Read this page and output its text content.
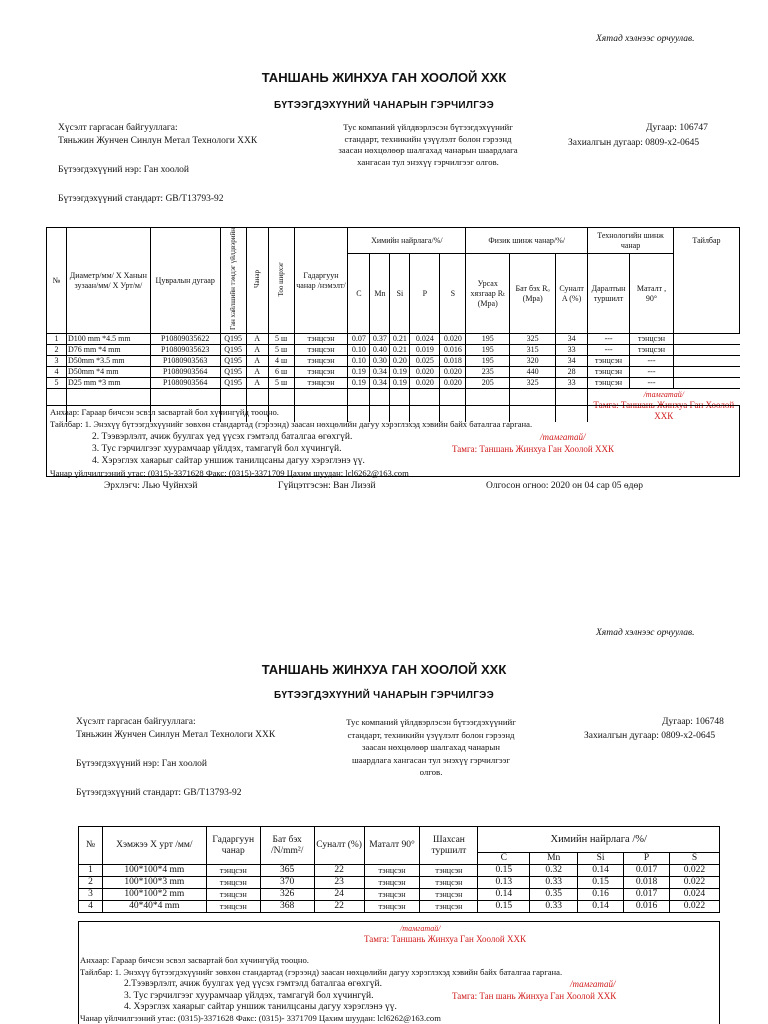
Хятад хэлнээс орчуулав.
ТАНШАНЬ ЖИНХУА ГАН ХООЛОЙ ХХК
БҮТЭЭГДЭХҮҮНИЙ ЧАНАРЫН ГЭРЧИЛГЭЭ
Хүсэлт гаргасан байгууллага:
Тяньжин Жунчен Синлун Метал Технологи ХХК
Бүтээгдэхүүний нэр: Ган хоолой
Бүтээгдэхүүний стандарт: GB/T13793-92
Тус компаний үйлдвэрлэсэн бүтээгдэхүүнийг
стандарт, техникийн үзүүлэлт болон гэрээнд
заасан нөхцөлөөр шалгахад чанарын шаардлага
хангасан тул энэхүү гэрчилгээг олгов.
Дугаар: 106747
Захиалгын дугаар: 0809-х2-0645
№	Диаметр/мм/ Х Ханын зузаан/мм/ Х Урт/м/	Цувралын дугаар	Ган хайлшийн тэмдэг үйлдвэрийн	Чанар	Тоо ширхэг	Гадаргуун чанар /нэмэлт/	Химийн найрлага/%/					Физик шинж чанар/%/			Технологийн шинж чанар		Тайлбар
							C	Mn	Si	P	S	Урсах хязгаар Rₜ (Mpa)	Бат бэх Rₒ (Mpa)	Суналт A (%)	Даралтын туршилт	Маталт , 90°	
1	D100 mm *4.5 mm	P10809035622	Q195	A	5 ш	тэнцсэн	0.07	0.37	0.21	0.024	0.020	195	325	34	---	тэнцсэн	
2	D76 mm *4 mm	P10809035623	Q195	A	5 ш	тэнцсэн	0.10	0.40	0.21	0.019	0.016	195	315	33	---	тэнцсэн	
3	D50mm *3.5 mm	P1080903563	Q195	A	4 ш	тэнцсэн	0.10	0.30	0.20	0.025	0.018	195	320	34	тэнцсэн	---	
4	D50mm *4 mm	P1080903564	Q195	A	6 ш	тэнцсэн	0.19	0.34	0.19	0.020	0.020	235	440	28	тэнцсэн	---	
5	D25 mm *3 mm	P1080903564	Q195	A	5 ш	тэнцсэн	0.19	0.34	0.19	0.020	0.020	205	325	33	тэнцсэн	---	

															/тамгатай/
Тамга: Таншань Жинхуа Ган Хоолой ХХК		
Анхаар: Гараар бичсэн эсвэл засвартай бол хүчингүйд тооцно.
Тайлбар: 1. Энэхүү бүтээгдэхүүнийг зөвхөн стандартад (гэрээнд) заасан нөхцөлийн дагуу хэрэглэхэд хэвийн байх баталгаа гаргана.
2. Тээвэрлэлт, ачиж буулгах үед үүсэх гэмтэлд баталгаа өгөхгүй.	/тамгатай/
3. Тус гэрчилгээг хуурамчаар үйлдэх, тамгагүй бол хүчингүй.	Тамга: Таншань Жинхуа Ган Хоолой ХХК
4. Хэрэглэх хаяарыг сайтар уншиж танилцсаны дагуу хэрэглэнэ үү.
Чанар үйлчилгээний утас: (0315)-3371628 Факс: (0315)-3371709 Цахим шуудан: lcl6262@163.com
Эрхлэгч: Лью Чуйнхэй	Гүйцэтгэсэн: Ван Лиэзй	Олгосон огноо: 2020 он 04 сар 05 өдөр
Хятад хэлнээс орчуулав.
ТАНШАНЬ ЖИНХУА ГАН ХООЛОЙ ХХК
БҮТЭЭГДЭХҮҮНИЙ ЧАНАРЫН ГЭРЧИЛГЭЭ
Хүсэлт гаргасан байгууллага:
Тяньжин Жунчен Синлун Метал Технологи ХХК
Бүтээгдэхүүний нэр: Ган хоолой
Бүтээгдэхүүний стандарт: GB/T13793-92
Тус компаний үйлдвэрлэсэн бүтээгдэхүүнийг
стандарт, техникийн үзүүлэлт болон гэрээнд
заасан нөхцөлөөр шалгахад чанарын
шаардлага хангасан тул энэхүү гэрчилгээг
олгов.
Дугаар: 106748
Захиалгын дугаар: 0809-х2-0645
№	Хэмжээ Х урт /мм/	Гадаргуун чанар	Бат бэх /N/mm²/	Суналт (%)	Маталт 90°	Шахсан туршилт	Химийн найрлага /%/				
							C	Mn	Si	P	S
1	100*100*4 mm	тэнцсэн	365	22	тэнцсэн	тэнцсэн	0.15	0.32	0.14	0.017	0.022
2	100*100*3 mm	тэнцсэн	370	23	тэнцсэн	тэнцсэн	0.13	0.33	0.15	0.018	0.022
3	100*100*2 mm	тэнцсэн	326	24	тэнцсэн	тэнцсэн	0.14	0.35	0.16	0.017	0.024
4	40*40*4 mm	тэнцсэн	368	22	тэнцсэн	тэнцсэн	0.15	0.33	0.14	0.016	0.022
/тамгатай/
Тамга: Таншань Жинхуа Ган Хоолой ХХК
Анхаар: Гараар бичсэн эсвэл засвартай бол хүчингүйд тооцно.
Тайлбар: 1. Энэхүү бүтээгдэхүүнийг зөвхөн стандартад (гэрээнд) заасан нөхцөлийн дагуу хэрэглэхэд хэвийн байх баталгаа гаргана.
2.Тээвэрлэлт, ачиж буулгах үед үүсэх гэмтэлд баталгаа өгөхгүй.	/тамгатай/
3. Тус гэрчилгээг хуурамчаар үйлдэх, тамгагүй бол хүчингүй.	Тамга: Тан шань Жинхуа Ган Хоолой ХХК
4. Хэрэглэх хаяарыг сайтар уншиж танилцсаны дагуу хэрэглэнэ үү.
Чанар үйлчилгээний утас: (0315)-3371628 Факс: (0315)- 3371709 Цахим шуудан: lcl6262@163.com
